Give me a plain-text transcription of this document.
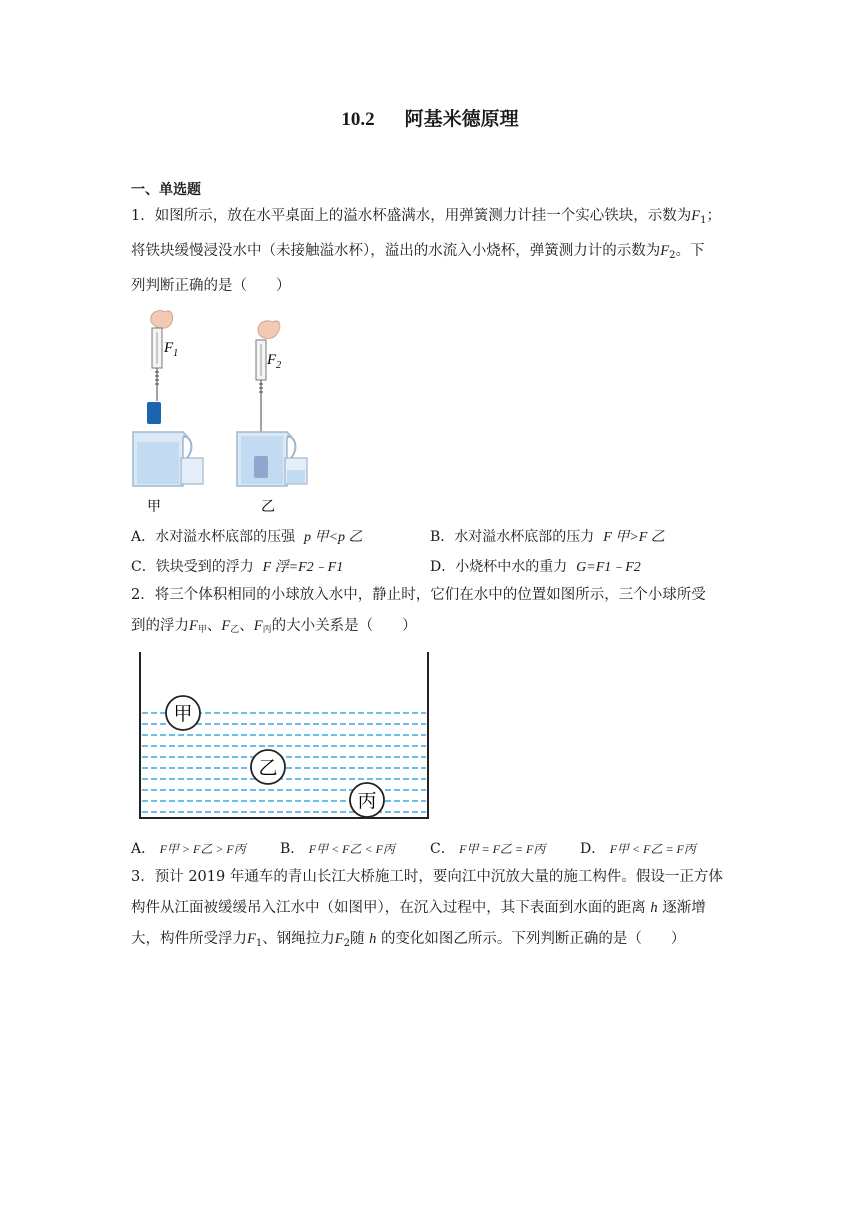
10.2 阿基米德原理
一、单选题
1．如图所示，放在水平桌面上的溢水杯盛满水，用弹簧测力计挂一个实心铁块，示数为$F_1$；
将铁块缓慢浸没水中（未接触溢水杯），溢出的水流入小烧杯，弹簧测力计的示数为$F_2$。下
列判断正确的是（　　）
$F_1$	$F_2$
甲	乙
A．水对溢水杯底部的压强 p 甲<p 乙	B．水对溢水杯底部的压力 F 甲>F 乙
C．铁块受到的浮力 F 浮=F2﹣F1	D．小烧杯中水的重力 G=F1﹣F2
2．将三个体积相同的小球放入水中，静止时，它们在水中的位置如图所示，三个小球所受
到的浮力$F_甲$、$F_乙$、$F_丙$的大小关系是（　　）
甲
乙
丙
A． F甲 > F乙 > F丙 B． F甲 < F乙 < F丙	C． F甲 = F乙 = F丙 D． F甲 < F乙 = F丙
3．预计 2019 年通车的青山长江大桥施工时，要向江中沉放大量的施工构件。假设一正方体
构件从江面被缓缓吊入江水中（如图甲），在沉入过程中，其下表面到水面的距离 h 逐渐增
大，构件所受浮力$F_1$、钢绳拉力$F_2$随 h 的变化如图乙所示。下列判断正确的是（　　）
